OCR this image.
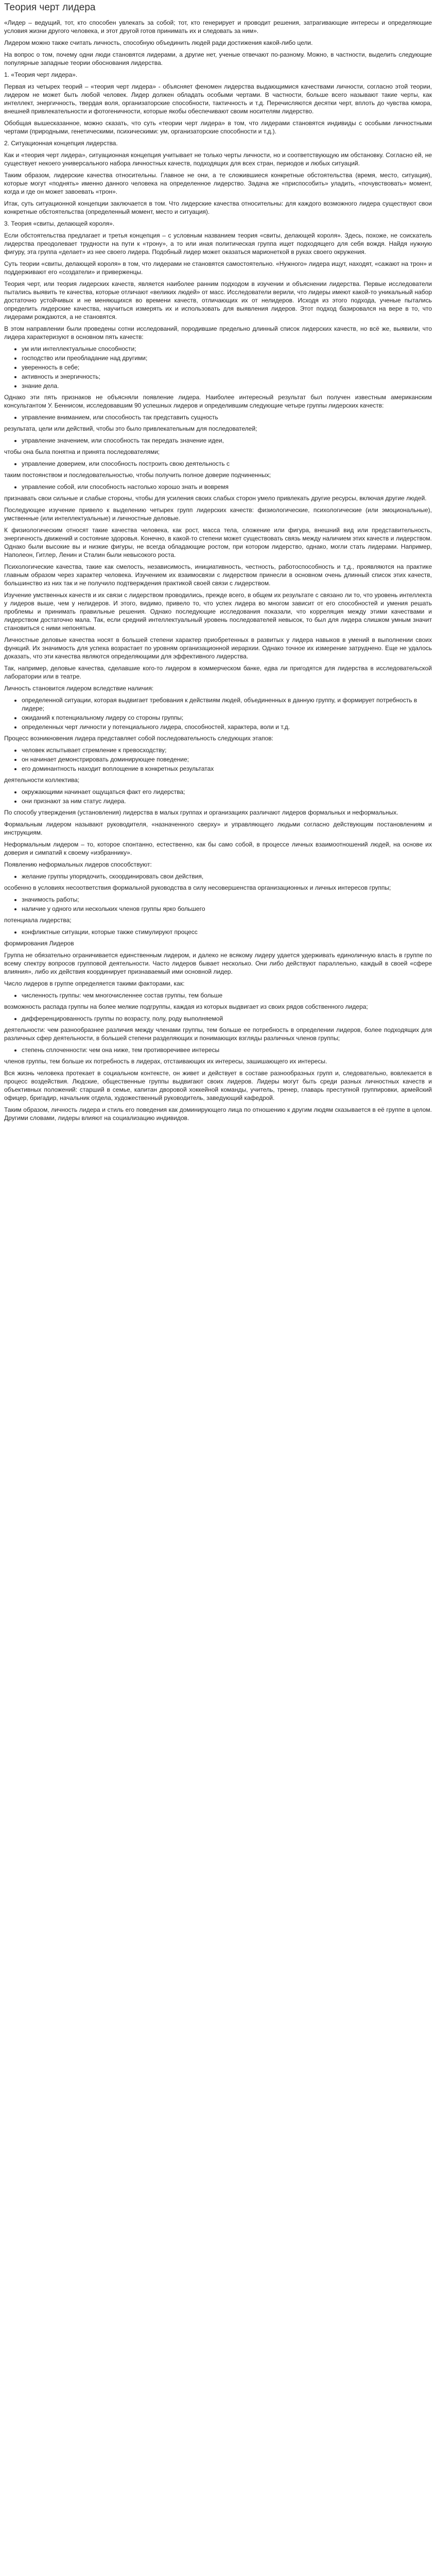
Теория черт лидера

«Лидер – ведущий, тот, кто способен увлекать за собой; тот, кто генерирует и проводит решения, затрагивающие интересы и определяющие условия жизни другого человека, и этот другой готов принимать их и следовать за ним».

Лидером можно также считать личность, способную объединить людей ради достижения какой-либо цели.

На вопрос о том, почему одни люди становятся лидерами, а другие нет, ученые отвечают по-разному. Можно, в частности, выделить следующие популярные западные теории обоснования лидерства.

1. «Теория черт лидера».

Первая из четырех теорий – «теория черт лидера» - объясняет феномен лидерства выдающимися качествами личности, согласно этой теории, лидером не может быть любой человек. Лидер должен обладать особыми чертами. В частности, больше всего называют такие черты, как интеллект, энергичность, твердая воля, организаторские способности, тактичность и т.д. Перечисляются десятки черт, вплоть до чувства юмора, внешней привлекательности и фотогеничности, которые якобы обеспечивают своим носителям лидерство.

Обобщая вышесказанное, можно сказать, что суть «теории черт лидера» в том, что лидерами становятся индивиды с особыми личностными чертами (природными, генетическими, психическими: ум, организаторские способности и т.д.).

2. Ситуационная концепция лидерства.

Как и «теория черт лидера», ситуационная концепция учитывает не только черты личности, но и соответствующую им обстановку. Согласно ей, не существует некоего универсального набора личностных качеств, подходящих для всех стран, периодов и любых ситуаций.

Таким образом, лидерские качества относительны. Главное не они, а те сложившиеся конкретные обстоятельства (время, место, ситуация), которые могут «поднять» именно данного человека на определенное лидерство. Задача же «приспособить» уладить, «почувствовать» момент, когда и где он может завоевать «трон».

Итак, суть ситуационной концепции заключается в том. Что лидерские качества относительны: для каждого возможного лидера существуют свои конкретные обстоятельства (определенный момент, место и ситуация).

3. Теория «свиты, делающей короля».

Если обстоятельства предлагает и третья концепция – с условным названием теория «свиты, делающей короля». Здесь, похоже, не соискатель лидерства преодолевает трудности на пути к «трону», а то или иная политическая группа ищет подходящего для себя вождя. Найдя нужную фигуру, эта группа «делает» из нее своего лидера. Подобный лидер может оказаться марионеткой в руках своего окружения.

Суть теории «свиты, делающей короля» в том, что лидерами не становятся самостоятельно. «Нужного» лидера ищут, находят, «сажают на трон» и поддерживают его «создатели» и приверженцы.

Теория черт, или теория лидерских качеств, является наиболее ранним подходом в изучении и объяснении лидерства. Первые исследователи пытались выявить те качества, которые отличают «великих людей» от масс. Исследователи верили, что лидеры имеют какой-то уникальный набор достаточно устойчивых и не меняющихся во времени качеств, отличающих их от нелидеров. Исходя из этого подхода, ученые пытались определить лидерские качества, научиться измерять их и использовать для выявления лидеров. Этот подход базировался на вере в то, что лидерами рождаются, а не становятся.

В этом направлении были проведены сотни исследований, породившие предельно длинный список лидерских качеств, но всё же, выявили, что лидера характеризуют в основном пять качеств:

• ум или интеллектуальные способности;
• господство или преобладание над другими;
• уверенность в себе;
• активность и энергичность;
• знание дела.

Однако эти пять признаков не объясняли появление лидера. Наиболее интересный результат был получен известным американским консультантом У. Беннисом, исследовавшим 90 успешных лидеров и определившим следующие четыре группы лидерских качеств:

• управление вниманием, или способность так представить сущность

результата, цели или действий, чтобы это было привлекательным для последователей;

• управление значением, или способность так передать значение идеи,

чтобы она была понятна и принята последователями;

• управление доверием, или способность построить свою деятельность с

таким постоянством и последовательностью, чтобы получить полное доверие подчиненных;

• управление собой, или способность настолько хорошо знать и вовремя

признавать свои сильные и слабые стороны, чтобы для усиления своих слабых сторон умело привлекать другие ресурсы, включая другие людей.

Последующее изучение привело к выделению четырех групп лидерских качеств: физиологические, психологические (или эмоциональные), умственные (или интеллектуальные) и личностные деловые.

К физиологическим относят такие качества человека, как рост, масса тела, сложение или фигура, внешний вид или представительность, энергичность движений и состояние здоровья. Конечно, в какой-то степени может существовать связь между наличием этих качеств и лидерством. Однако были высокие вы и низкие фигуры, не всегда обладающие ростом, при котором лидерство, однако, могли стать лидерами. Например, Наполеон, Гитлер, Ленин и Сталин были невысокого роста.

Психологические качества, такие как смелость, независимость, инициативность, честность, работоспособность и т.д., проявляются на практике главным образом через характер человека. Изучением их взаимосвязи с лидерством принесли в основном очень длинный список этих качеств, большинство из них так и не получило подтверждения практикой своей связи с лидерством.

Изучение умственных качеств и их связи с лидерством проводились, прежде всего, в общем их результате с связано ли то, что уровень интеллекта у лидеров выше, чем у нелидеров. И этого, видимо, привело то, что успех лидера во многом зависит от его способностей и умения решать проблемы и принимать правильные решения. Однако последующие исследования показали, что корреляция между этими качествами и лидерством достаточно мала. Так, если средний интеллектуальный уровень последователей невысок, то был для лидера слишком умным значит становиться с ними непонятым.

Личностные деловые качества носят в большей степени характер приобретенных в развитых у лидера навыков в умений в выполнении своих функций. Их значимость для успеха возрастает по уровням организационной иерархии. Однако точное их измерение затруднено. Еще не удалось доказать, что эти качества являются определяющими для эффективного лидерства.

Так, например, деловые качества, сделавшие кого-то лидером в коммерческом банке, едва ли пригодятся для лидерства в исследовательской лаборатории или в театре.

Личность становится лидером вследствие наличия:

• определенной ситуации, которая выдвигает требования к действиям людей, объединенных в данную группу, и формирует потребность в лидере;
• ожиданий к потенциальному лидеру со стороны группы;
• определенных черт личности у потенциального лидера, способностей, характера, воли и т.д.

Процесс возникновения лидера представляет собой последовательность следующих этапов:

• человек испытывает стремление к превосходству;
• он начинает демонстрировать доминирующее поведение;
• его доминантность находит воплощение в конкретных результатах

деятельности коллектива;

• окружающими начинает ощущаться факт его лидерства;
• они признают за ним статус лидера.

По способу утверждения (установления) лидерства в малых группах и организациях различают лидеров формальных и неформальных.

Формальным лидером называют руководителя, «назначенного сверху» и управляющего людьми согласно действующим постановлениям и инструкциям.

Неформальным лидером – то, которое спонтанно, естественно, как бы само собой, в процессе личных взаимоотношений людей, на основе их доверия и симпатий к своему «избраннику».

Появлению неформальных лидеров способствуют:

• желание группы упорядочить, скоординировать свои действия,

особенно в условиях несоответствия формальной руководства в силу несовершенства организационных и личных интересов группы;

• значимость работы;
• наличие у одного или нескольких членов группы ярко большего

потенциала лидерства;

• конфликтные ситуации, которые также стимулируют процесс

формирования Лидеров

Группа не обязательно ограничивается единственным лидером, и далеко не всякому лидеру удается удерживать единоличную власть в группе по всему спектру вопросов групповой деятельности. Часто лидеров бывает несколько. Они либо действуют параллельно, каждый в своей «сфере влияния», либо их действия координирует признаваемый ими основной лидер.

Число лидеров в группе определяется такими факторами, как:

• численность группы: чем многочисленнее состав группы, тем больше

возможность распада группы на более мелкие подгруппы, каждая из которых выдвигает из своих рядов собственного лидера;

• дифференцированность группы по возрасту, полу, роду выполняемой

деятельности: чем разнообразнее различия между членами группы, тем больше ее потребность в определении лидеров, более подходящих для различных сфер деятельности, в большей степени разделяющих и понимающих взгляды различных членов группы;

• степень сплоченности: чем она ниже, тем противоречивее интересы

членов группы, тем больше их потребность в лидерах, отстаивающих их интересы, зашишающего их интересы.

Вся жизнь человека протекает в социальном контексте, он живет и действует в составе разнообразных групп и, следовательно, вовлекается в процесс воздействия. Людские, общественные группы выдвигают своих лидеров. Лидеры могут быть среди разных личностных качеств и объективных положений: старший в семье, капитан дворовой хоккейной команды, учитель, тренер, главарь преступной группировки, армейский офицер, бригадир, начальник отдела, художественный руководитель, заведующий кафедрой.

Таким образом, личность лидера и стиль его поведения как доминирующего лица по отношению к другим людям сказывается в её группе в целом. Другими словами, лидеры влияют на социализацию индивидов.
